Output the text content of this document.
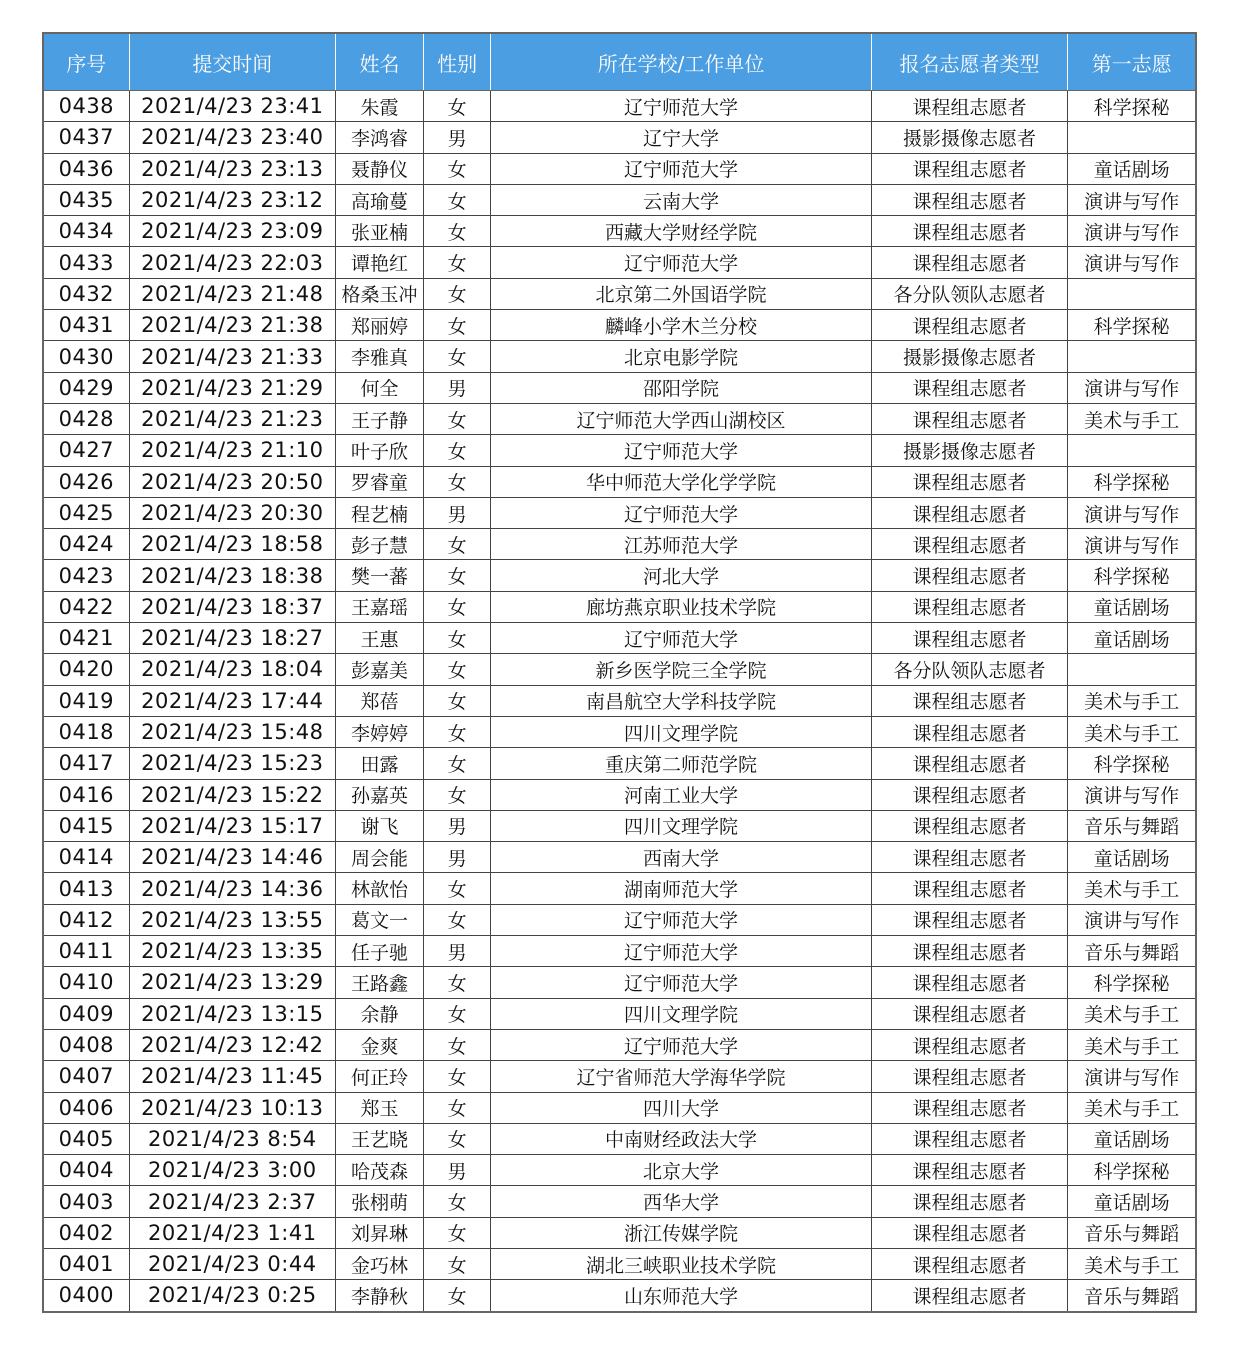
序号	提交时间	姓名	性别	所在学校/工作单位	报名志愿者类型	第一志愿
0438	2021/4/23 23:41	朱霞	女	辽宁师范大学	课程组志愿者	科学探秘
0437	2021/4/23 23:40	李鸿睿	男	辽宁大学	摄影摄像志愿者	
0436	2021/4/23 23:13	聂静仪	女	辽宁师范大学	课程组志愿者	童话剧场
0435	2021/4/23 23:12	高瑜蔓	女	云南大学	课程组志愿者	演讲与写作
0434	2021/4/23 23:09	张亚楠	女	西藏大学财经学院	课程组志愿者	演讲与写作
0433	2021/4/23 22:03	谭艳红	女	辽宁师范大学	课程组志愿者	演讲与写作
0432	2021/4/23 21:48	格桑玉冲	女	北京第二外国语学院	各分队领队志愿者	
0431	2021/4/23 21:38	郑丽婷	女	麟峰小学木兰分校	课程组志愿者	科学探秘
0430	2021/4/23 21:33	李雅真	女	北京电影学院	摄影摄像志愿者	
0429	2021/4/23 21:29	何全	男	邵阳学院	课程组志愿者	演讲与写作
0428	2021/4/23 21:23	王子静	女	辽宁师范大学西山湖校区	课程组志愿者	美术与手工
0427	2021/4/23 21:10	叶子欣	女	辽宁师范大学	摄影摄像志愿者	
0426	2021/4/23 20:50	罗睿童	女	华中师范大学化学学院	课程组志愿者	科学探秘
0425	2021/4/23 20:30	程艺楠	男	辽宁师范大学	课程组志愿者	演讲与写作
0424	2021/4/23 18:58	彭子慧	女	江苏师范大学	课程组志愿者	演讲与写作
0423	2021/4/23 18:38	樊一蕃	女	河北大学	课程组志愿者	科学探秘
0422	2021/4/23 18:37	王嘉瑶	女	廊坊燕京职业技术学院	课程组志愿者	童话剧场
0421	2021/4/23 18:27	王惠	女	辽宁师范大学	课程组志愿者	童话剧场
0420	2021/4/23 18:04	彭嘉美	女	新乡医学院三全学院	各分队领队志愿者	
0419	2021/4/23 17:44	郑蓓	女	南昌航空大学科技学院	课程组志愿者	美术与手工
0418	2021/4/23 15:48	李婷婷	女	四川文理学院	课程组志愿者	美术与手工
0417	2021/4/23 15:23	田露	女	重庆第二师范学院	课程组志愿者	科学探秘
0416	2021/4/23 15:22	孙嘉英	女	河南工业大学	课程组志愿者	演讲与写作
0415	2021/4/23 15:17	谢飞	男	四川文理学院	课程组志愿者	音乐与舞蹈
0414	2021/4/23 14:46	周会能	男	西南大学	课程组志愿者	童话剧场
0413	2021/4/23 14:36	林歆怡	女	湖南师范大学	课程组志愿者	美术与手工
0412	2021/4/23 13:55	葛文一	女	辽宁师范大学	课程组志愿者	演讲与写作
0411	2021/4/23 13:35	任子驰	男	辽宁师范大学	课程组志愿者	音乐与舞蹈
0410	2021/4/23 13:29	王路鑫	女	辽宁师范大学	课程组志愿者	科学探秘
0409	2021/4/23 13:15	余静	女	四川文理学院	课程组志愿者	美术与手工
0408	2021/4/23 12:42	金爽	女	辽宁师范大学	课程组志愿者	美术与手工
0407	2021/4/23 11:45	何正玲	女	辽宁省师范大学海华学院	课程组志愿者	演讲与写作
0406	2021/4/23 10:13	郑玉	女	四川大学	课程组志愿者	美术与手工
0405	2021/4/23 8:54	王艺晓	女	中南财经政法大学	课程组志愿者	童话剧场
0404	2021/4/23 3:00	哈茂森	男	北京大学	课程组志愿者	科学探秘
0403	2021/4/23 2:37	张栩萌	女	西华大学	课程组志愿者	童话剧场
0402	2021/4/23 1:41	刘昇琳	女	浙江传媒学院	课程组志愿者	音乐与舞蹈
0401	2021/4/23 0:44	金巧林	女	湖北三峡职业技术学院	课程组志愿者	美术与手工
0400	2021/4/23 0:25	李静秋	女	山东师范大学	课程组志愿者	音乐与舞蹈
